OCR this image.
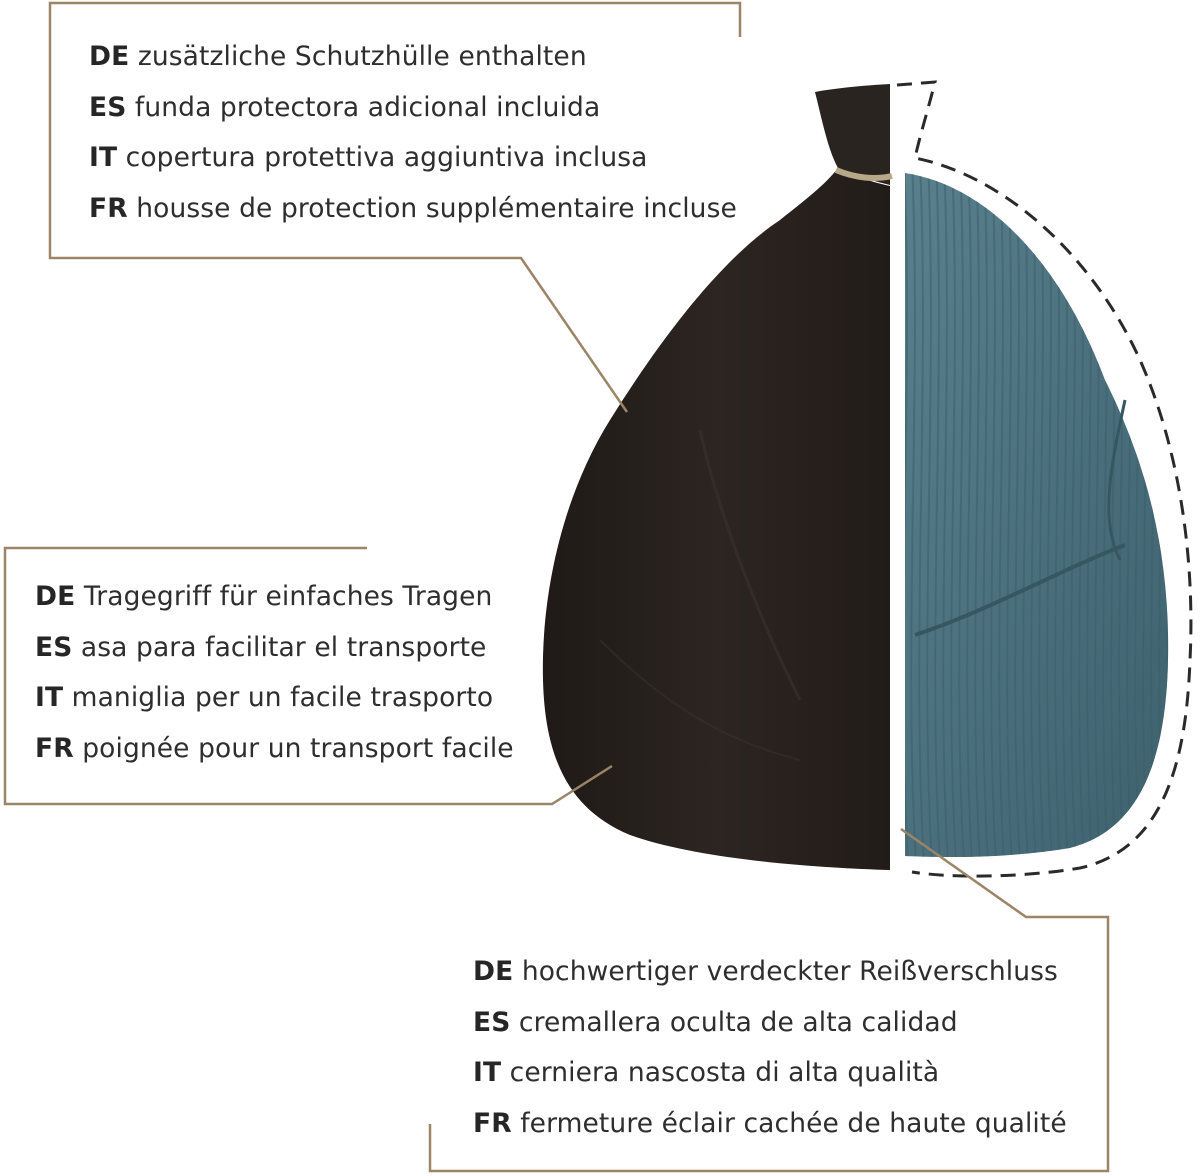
DE zusätzliche Schutzhülle enthalten
ES funda protectora adicional incluida
IT copertura protettiva aggiuntiva inclusa
FR housse de protection supplémentaire incluse
DE Tragegriff für einfaches Tragen
ES asa para facilitar el transporte
IT maniglia per un facile trasporto
FR poignée pour un transport facile
DE hochwertiger verdeckter Reißverschluss
ES cremallera oculta de alta calidad
IT cerniera nascosta di alta qualità
FR fermeture éclair cachée de haute qualité
